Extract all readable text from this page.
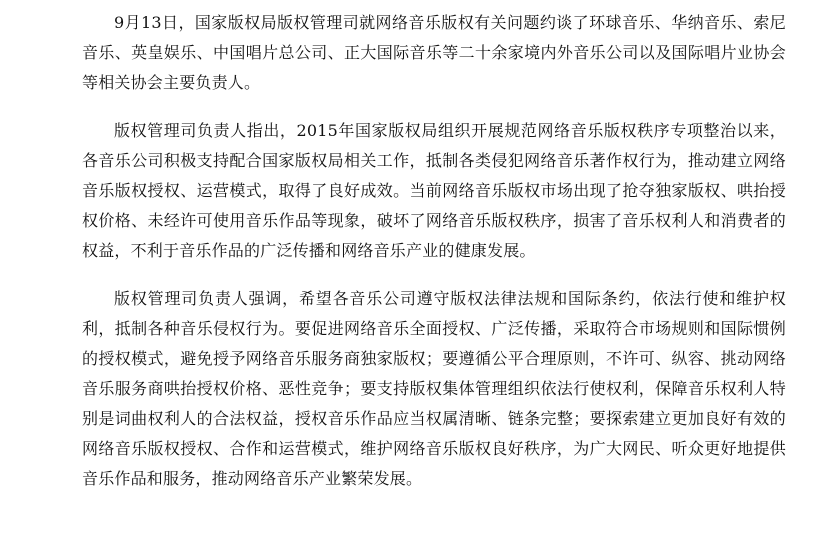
9月13日，国家版权局版权管理司就网络音乐版权有关问题约谈了环球音乐、华纳音乐、索尼音乐、英皇娱乐、中国唱片总公司、正大国际音乐等二十余家境内外音乐公司以及国际唱片业协会等相关协会主要负责人。

版权管理司负责人指出，2015年国家版权局组织开展规范网络音乐版权秩序专项整治以来，各音乐公司积极支持配合国家版权局相关工作，抵制各类侵犯网络音乐著作权行为，推动建立网络音乐版权授权、运营模式，取得了良好成效。当前网络音乐版权市场出现了抢夺独家版权、哄抬授权价格、未经许可使用音乐作品等现象，破坏了网络音乐版权秩序，损害了音乐权利人和消费者的权益，不利于音乐作品的广泛传播和网络音乐产业的健康发展。

版权管理司负责人强调，希望各音乐公司遵守版权法律法规和国际条约，依法行使和维护权利，抵制各种音乐侵权行为。要促进网络音乐全面授权、广泛传播，采取符合市场规则和国际惯例的授权模式，避免授予网络音乐服务商独家版权；要遵循公平合理原则，不许可、纵容、挑动网络音乐服务商哄抬授权价格、恶性竞争；要支持版权集体管理组织依法行使权利，保障音乐权利人特别是词曲权利人的合法权益，授权音乐作品应当权属清晰、链条完整；要探索建立更加良好有效的网络音乐版权授权、合作和运营模式，维护网络音乐版权良好秩序，为广大网民、听众更好地提供音乐作品和服务，推动网络音乐产业繁荣发展。
